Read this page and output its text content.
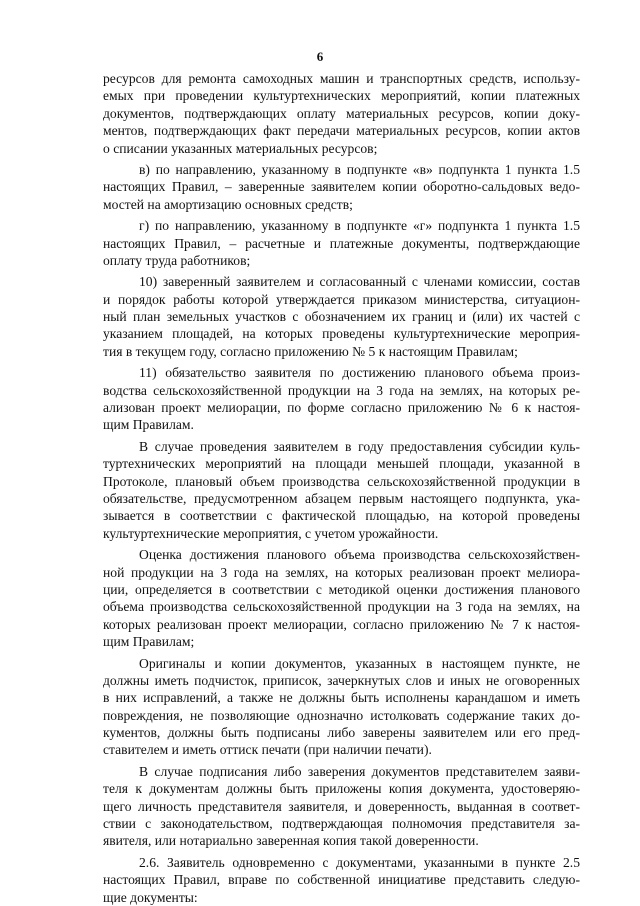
6
ресурсов для ремонта самоходных машин и транспортных средств, использу-
емых при проведении культуртехнических мероприятий, копии платежных
документов, подтверждающих оплату материальных ресурсов, копии доку-
ментов, подтверждающих факт передачи материальных ресурсов, копии актов
о списании указанных материальных ресурсов;
в) по направлению, указанному в подпункте «в» подпункта 1 пункта 1.5
настоящих Правил, – заверенные заявителем копии оборотно-сальдовых ведо-
мостей на амортизацию основных средств;
г) по направлению, указанному в подпункте «г» подпункта 1 пункта 1.5
настоящих Правил, – расчетные и платежные документы, подтверждающие
оплату труда работников;
10) заверенный заявителем и согласованный с членами комиссии, состав
и порядок работы которой утверждается приказом министерства, ситуацион-
ный план земельных участков с обозначением их границ и (или) их частей с
указанием площадей, на которых проведены культуртехнические мероприя-
тия в текущем году, согласно приложению № 5 к настоящим Правилам;
11) обязательство заявителя по достижению планового объема произ-
водства сельскохозяйственной продукции на 3 года на землях, на которых ре-
ализован проект мелиорации, по форме согласно приложению № 6 к настоя-
щим Правилам.
В случае проведения заявителем в году предоставления субсидии куль-
туртехнических мероприятий на площади меньшей площади, указанной в
Протоколе, плановый объем производства сельскохозяйственной продукции в
обязательстве, предусмотренном абзацем первым настоящего подпункта, ука-
зывается в соответствии с фактической площадью, на которой проведены
культуртехнические мероприятия, с учетом урожайности.
Оценка достижения планового объема производства сельскохозяйствен-
ной продукции на 3 года на землях, на которых реализован проект мелиора-
ции, определяется в соответствии с методикой оценки достижения планового
объема производства сельскохозяйственной продукции на 3 года на землях, на
которых реализован проект мелиорации, согласно приложению № 7 к настоя-
щим Правилам;
Оригиналы и копии документов, указанных в настоящем пункте, не
должны иметь подчисток, приписок, зачеркнутых слов и иных не оговоренных
в них исправлений, а также не должны быть исполнены карандашом и иметь
повреждения, не позволяющие однозначно истолковать содержание таких до-
кументов, должны быть подписаны либо заверены заявителем или его пред-
ставителем и иметь оттиск печати (при наличии печати).
В случае подписания либо заверения документов представителем заяви-
теля к документам должны быть приложены копия документа, удостоверяю-
щего личность представителя заявителя, и доверенность, выданная в соответ-
ствии с законодательством, подтверждающая полномочия представителя за-
явителя, или нотариально заверенная копия такой доверенности.
2.6. Заявитель одновременно с документами, указанными в пункте 2.5
настоящих Правил, вправе по собственной инициативе представить следую-
щие документы:
